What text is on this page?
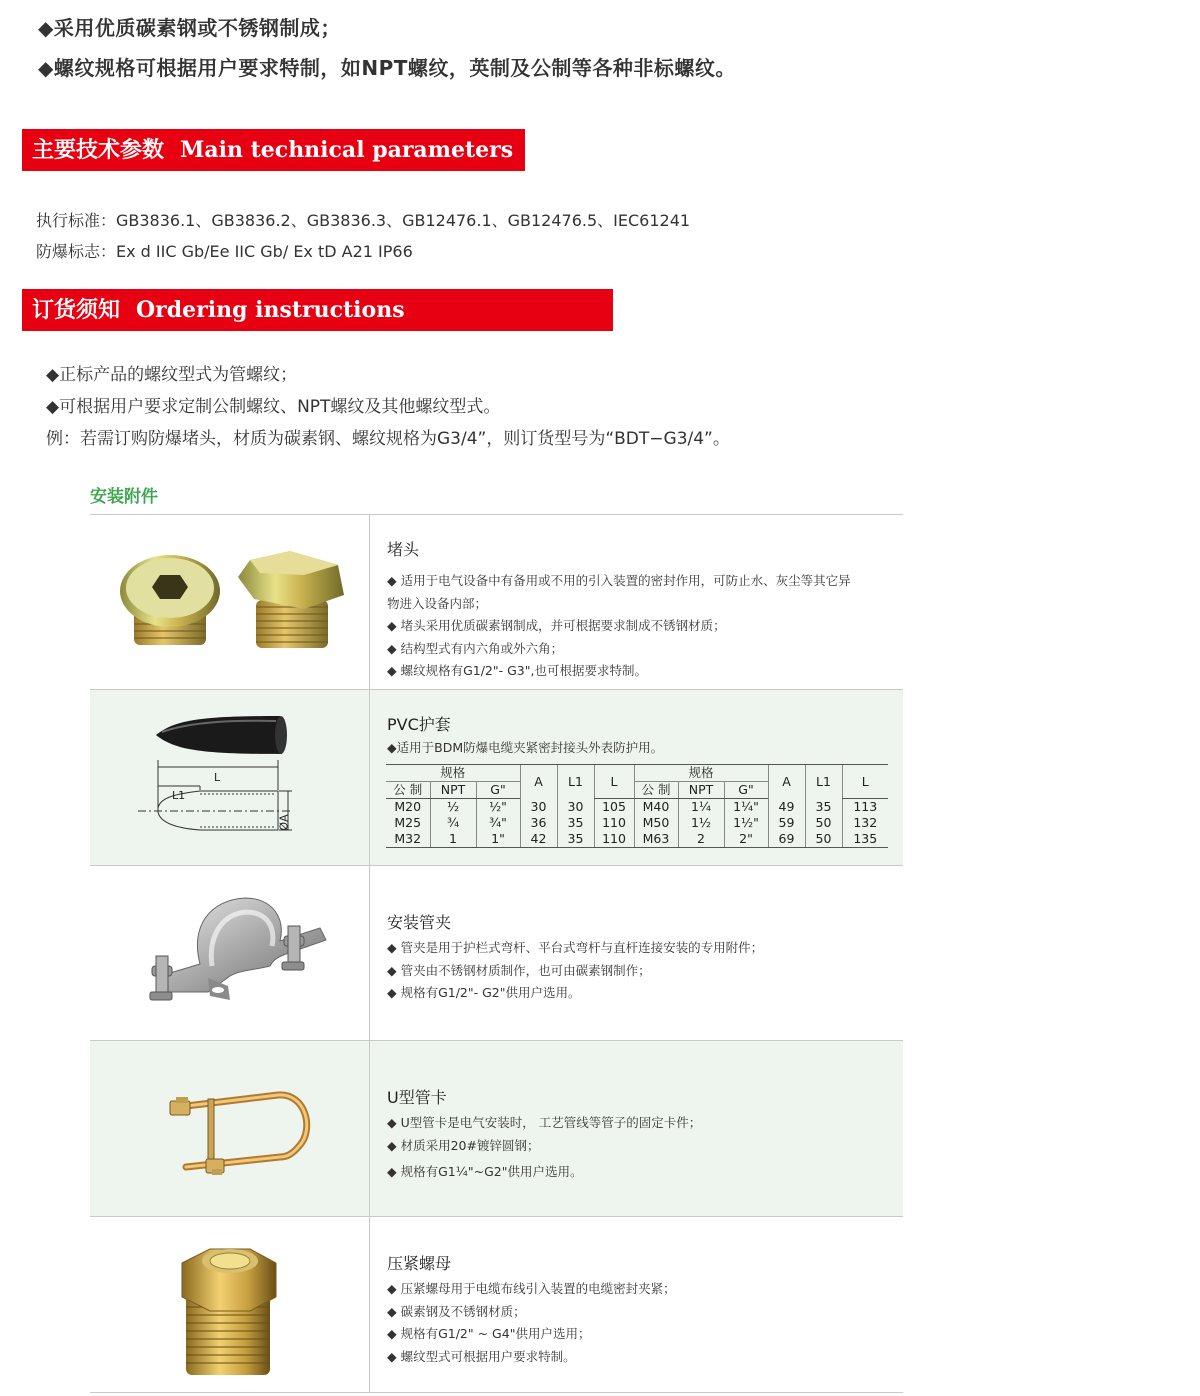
◆采用优质碳素钢或不锈钢制成；
◆螺纹规格可根据用户要求特制，如NPT螺纹，英制及公制等各种非标螺纹。
主要技术参数 Main technical parameters
执行标准：GB3836.1、GB3836.2、GB3836.3、GB12476.1、GB12476.5、IEC61241
防爆标志：Ex d IIC Gb/Ee IIC Gb/ Ex tD A21 IP66
订货须知 Ordering instructions
◆正标产品的螺纹型式为管螺纹；
◆可根据用户要求定制公制螺纹、NPT螺纹及其他螺纹型式。
例：若需订购防爆堵头，材质为碳素钢、螺纹规格为G3/4”，则订货型号为“BDT−G3/4”。
安装附件
堵头
◆ 适用于电气设备中有备用或不用的引入装置的密封作用，可防止水、灰尘等其它异
物进入设备内部；
◆ 堵头采用优质碳素钢制成，并可根据要求制成不锈钢材质；
◆ 结构型式有内六角或外六角；
◆ 螺纹规格有G1/2"- G3",也可根据要求特制。
L
L1
ØA
PVC护套
◆适用于BDM防爆电缆夹紧密封接头外表防护用。
规格			A	L1	L	规格			A	L1	L
公 制	NPT	G"				公 制	NPT	G"			
M20	½	½"	30	30	105	M40	1¼	1¼"	49	35	113
M25	¾	¾"	36	35	110	M50	1½	1½"	59	50	132
M32	1	1"	42	35	110	M63	2	2"	69	50	135
安装管夹
◆ 管夹是用于护栏式弯杆、平台式弯杆与直杆连接安装的专用附件；
◆ 管夹由不锈钢材质制作，也可由碳素钢制作；
◆ 规格有G1/2"- G2"供用户选用。
U型管卡
◆ U型管卡是电气安装时， 工艺管线等管子的固定卡件；
◆ 材质采用20#镀锌圆钢；
◆ 规格有G1¼"~G2"供用户选用。
压紧螺母
◆ 压紧螺母用于电缆布线引入装置的电缆密封夹紧；
◆ 碳素钢及不锈钢材质；
◆ 规格有G1/2" ~ G4"供用户选用；
◆ 螺纹型式可根据用户要求特制。
